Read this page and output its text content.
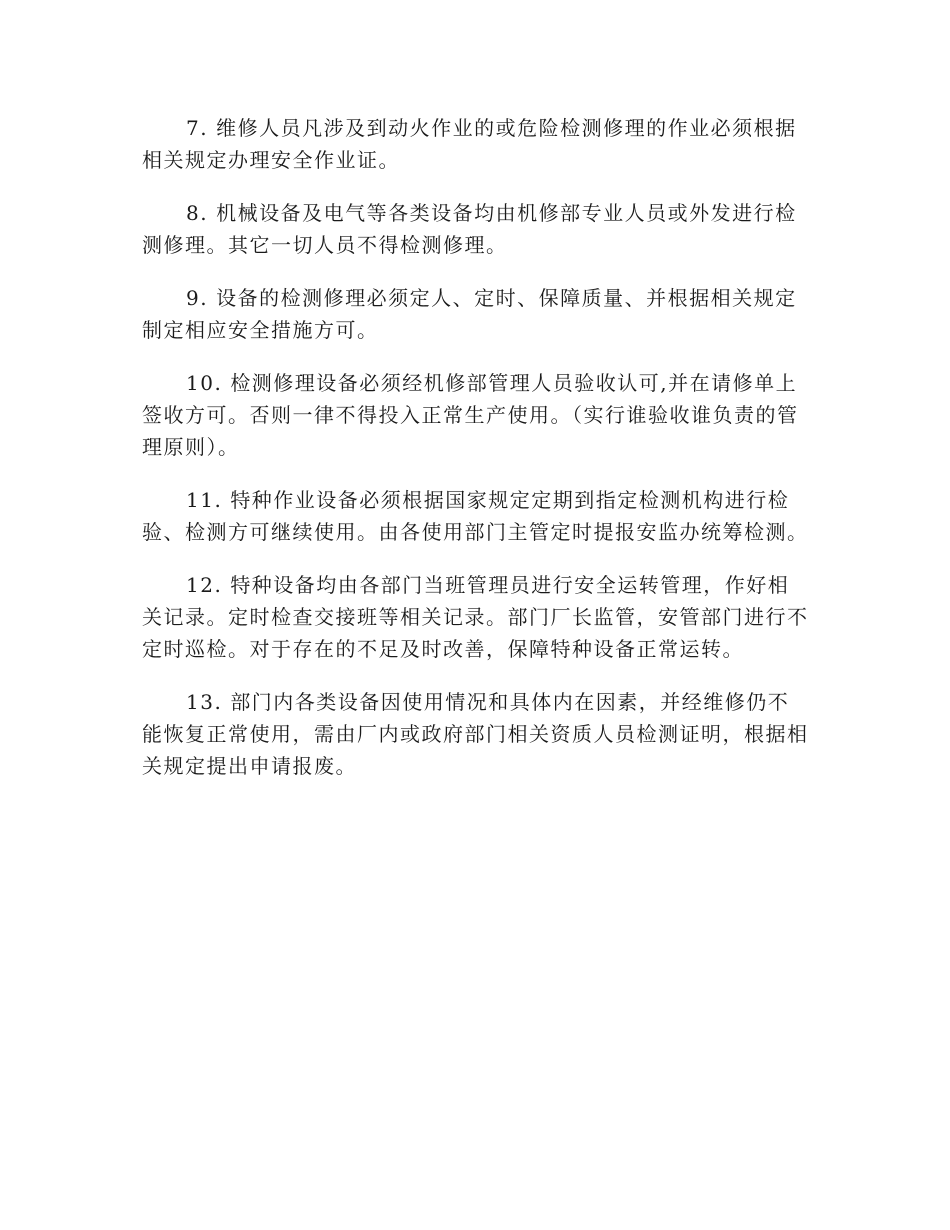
7. 维修人员凡涉及到动火作业的或危险检测修理的作业必须根据相关规定办理安全作业证。

8. 机械设备及电气等各类设备均由机修部专业人员或外发进行检测修理。其它一切人员不得检测修理。

9. 设备的检测修理必须定人、定时、保障质量、并根据相关规定制定相应安全措施方可。

10. 检测修理设备必须经机修部管理人员验收认可,并在请修单上签收方可。否则一律不得投入正常生产使用。（实行谁验收谁负责的管理原则）。

11. 特种作业设备必须根据国家规定定期到指定检测机构进行检验、检测方可继续使用。由各使用部门主管定时提报安监办统筹检测。

12. 特种设备均由各部门当班管理员进行安全运转管理，作好相关记录。定时检查交接班等相关记录。部门厂长监管，安管部门进行不定时巡检。对于存在的不足及时改善，保障特种设备正常运转。

13. 部门内各类设备因使用情况和具体内在因素，并经维修仍不能恢复正常使用，需由厂内或政府部门相关资质人员检测证明，根据相关规定提出申请报废。
